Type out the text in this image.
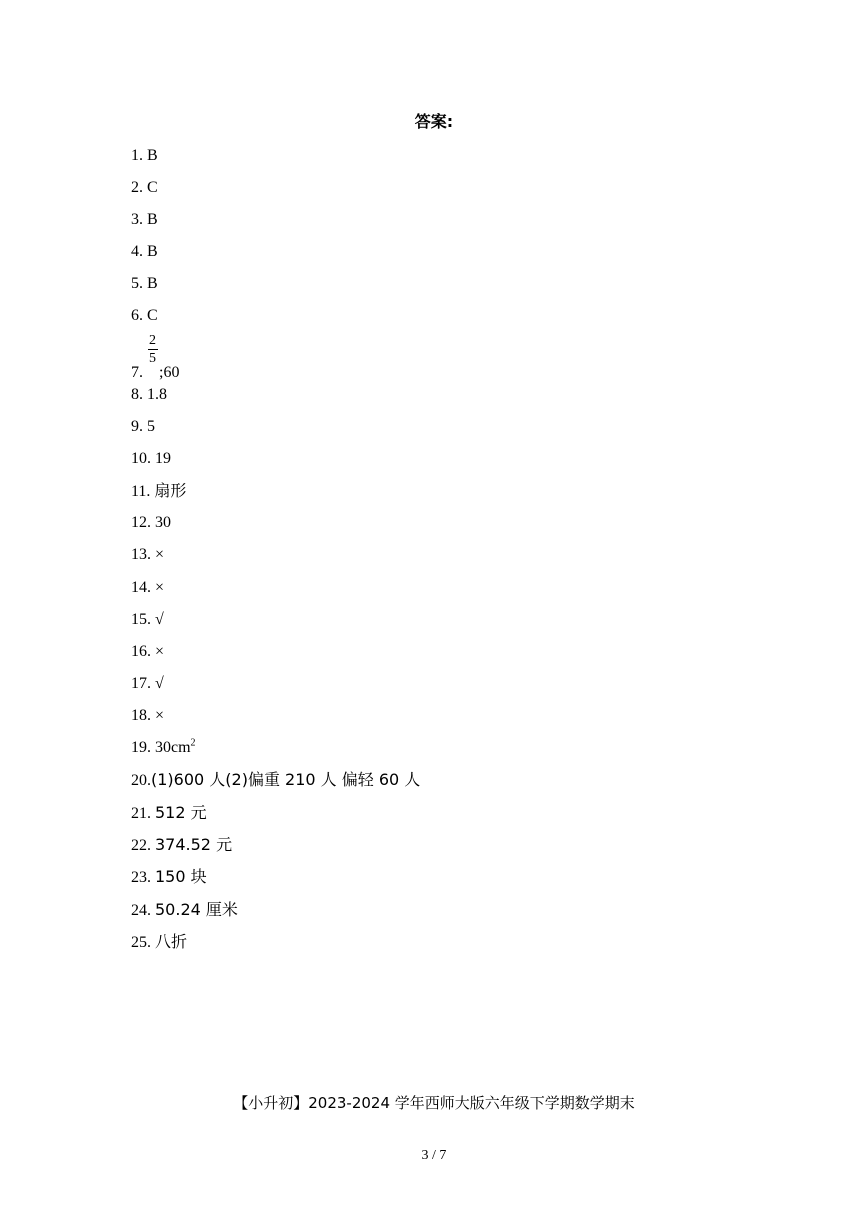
答案:
1. B
2. C
3. B
4. B
5. B
6. C
7. $\frac{2}{5}$ ;60
8. 1.8
9. 5
10. 19
11. 扇形
12. 30
13. ×
14. ×
15. √
16. ×
17. √
18. ×
19. $30cm^2$
20.(1)600 人(2)偏重 210 人 偏轻 60 人
21. 512 元
22. 374.52 元
23. 150 块
24. 50.24 厘米
25. 八折
【小升初】2023-2024 学年西师大版六年级下学期数学期末
3 / 7
